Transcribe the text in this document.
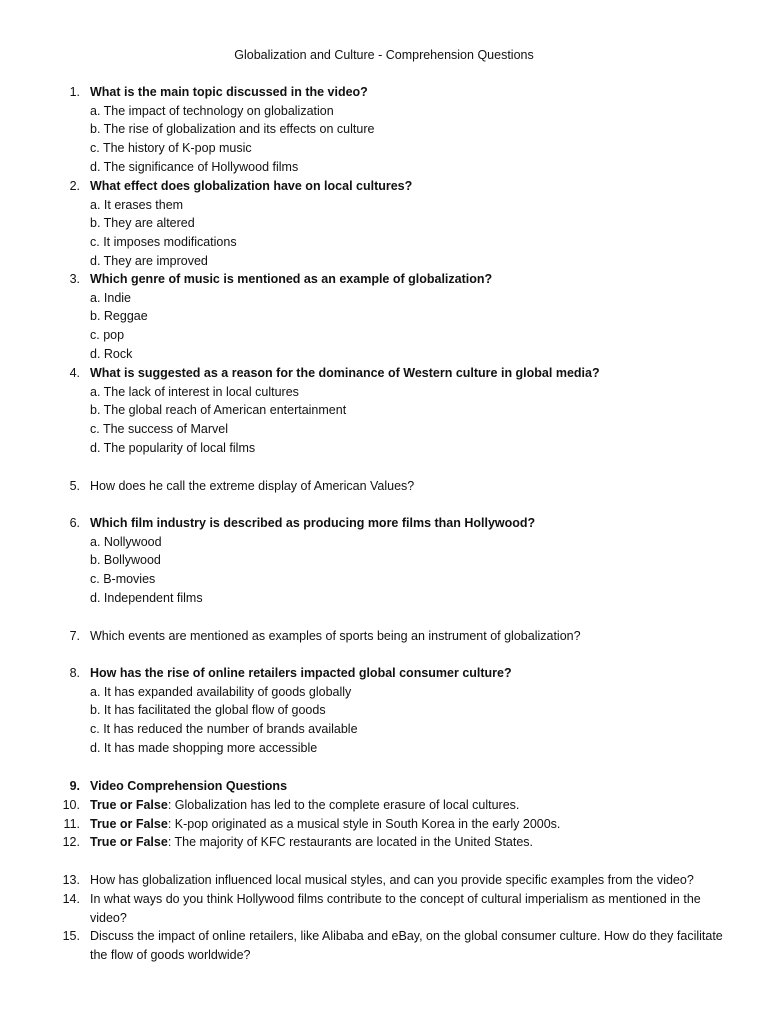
Globalization and Culture - Comprehension Questions
1. What is the main topic discussed in the video?
a. The impact of technology on globalization
b. The rise of globalization and its effects on culture
c. The history of K-pop music
d. The significance of Hollywood films
2. What effect does globalization have on local cultures?
a. It erases them
b. They are altered
c. It imposes modifications
d. They are improved
3. Which genre of music is mentioned as an example of globalization?
a. Indie
b. Reggae
c. pop
d. Rock
4. What is suggested as a reason for the dominance of Western culture in global media?
a. The lack of interest in local cultures
b. The global reach of American entertainment
c. The success of Marvel
d. The popularity of local films
5. How does he call the extreme display of American Values?
6. Which film industry is described as producing more films than Hollywood?
a. Nollywood
b. Bollywood
c. B-movies
d. Independent films
7. Which events are mentioned as examples of sports being an instrument of globalization?
8. How has the rise of online retailers impacted global consumer culture?
a. It has expanded availability of goods globally
b. It has facilitated the global flow of goods
c. It has reduced the number of brands available
d. It has made shopping more accessible
9. Video Comprehension Questions
10. True or False: Globalization has led to the complete erasure of local cultures.
11. True or False: K-pop originated as a musical style in South Korea in the early 2000s.
12. True or False: The majority of KFC restaurants are located in the United States.
13. How has globalization influenced local musical styles, and can you provide specific examples from the video?
14. In what ways do you think Hollywood films contribute to the concept of cultural imperialism as mentioned in the video?
15. Discuss the impact of online retailers, like Alibaba and eBay, on the global consumer culture. How do they facilitate the flow of goods worldwide?
